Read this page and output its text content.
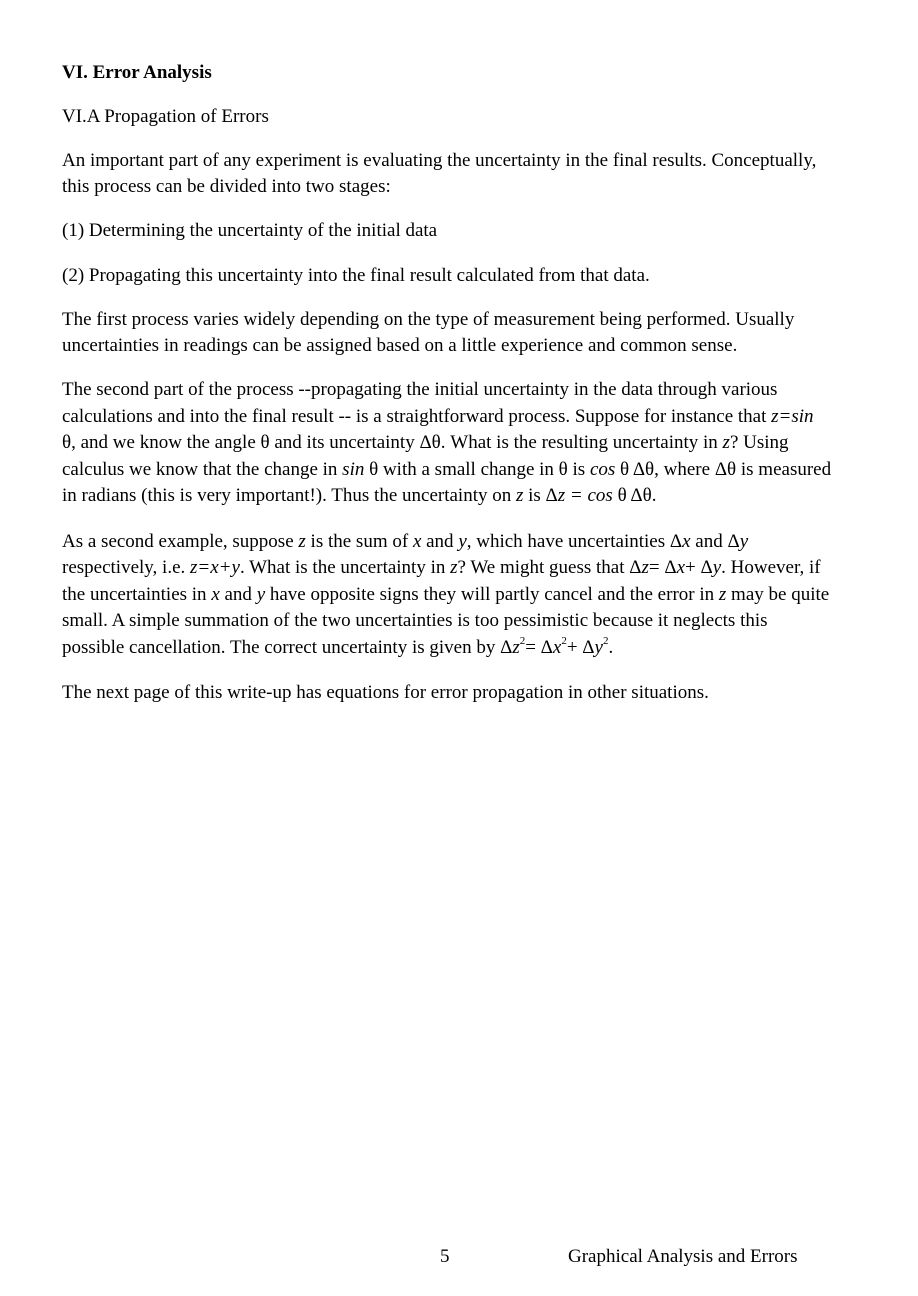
VI. Error Analysis
VI.A Propagation of Errors

An important part of any experiment is evaluating the uncertainty in the final results. Conceptually, this process can be divided into two stages:

(1) Determining the uncertainty of the initial data

(2) Propagating this uncertainty into the final result calculated from that data.

The first process varies widely depending on the type of measurement being performed. Usually uncertainties in readings can be assigned based on a little experience and common sense.

The second part of the process --propagating the initial uncertainty in the data through various calculations and into the final result -- is a straightforward process. Suppose for instance that z=sin θ, and we know the angle θ and its uncertainty Δθ. What is the resulting uncertainty in z? Using calculus we know that the change in sin θ with a small change in θ is cos θ Δθ, where Δθ is measured in radians (this is very important!). Thus the uncertainty on z is Δz = cos θ Δθ.

As a second example, suppose z is the sum of x and y, which have uncertainties Δx and Δy respectively, i.e. z=x+y. What is the uncertainty in z? We might guess that Δz= Δx+ Δy. However, if the uncertainties in x and y have opposite signs they will partly cancel and the error in z may be quite small. A simple summation of the two uncertainties is too pessimistic because it neglects this possible cancellation. The correct uncertainty is given by $\Delta z^2= \Delta x^2+ \Delta y^2$.

The next page of this write-up has equations for error propagation in other situations.

5	Graphical Analysis and Errors
